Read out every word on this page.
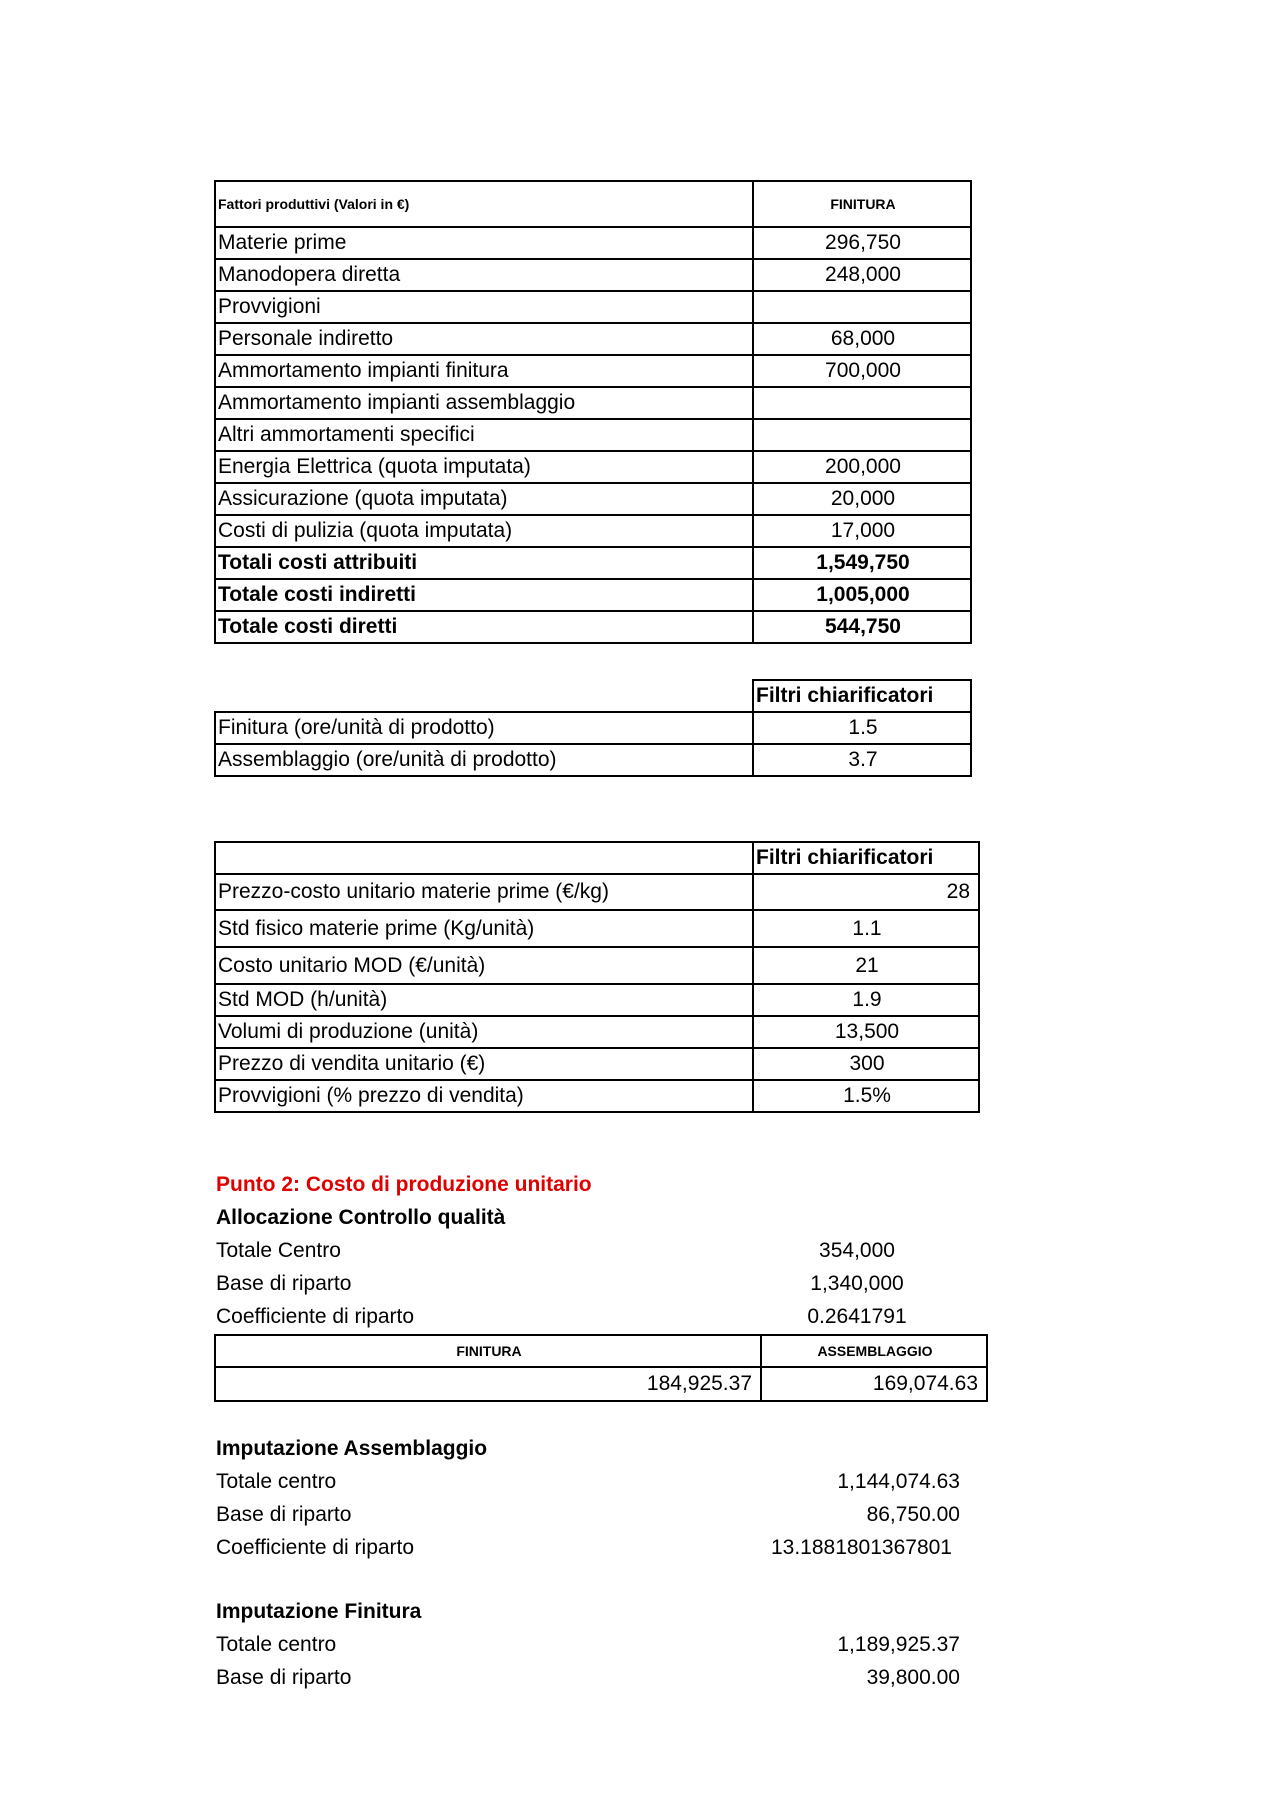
Fattori produttivi (Valori in €)	FINITURA
Materie prime	296,750
Manodopera diretta	248,000
Provvigioni	
Personale indiretto	68,000
Ammortamento impianti finitura	700,000
Ammortamento impianti assemblaggio	
Altri ammortamenti specifici	
Energia Elettrica (quota imputata)	200,000
Assicurazione (quota imputata)	20,000
Costi di pulizia (quota imputata)	17,000
Totali costi attribuiti	1,549,750
Totale costi indiretti	1,005,000
Totale costi diretti	544,750
	Filtri chiarificatori
Finitura (ore/unità di prodotto)	1.5
Assemblaggio (ore/unità di prodotto)	3.7
	Filtri chiarificatori
Prezzo-costo unitario materie prime (€/kg)	28
Std fisico materie prime (Kg/unità)	1.1
Costo unitario MOD (€/unità)	21
Std MOD (h/unità)	1.9
Volumi di produzione (unità)	13,500
Prezzo di vendita unitario (€)	300
Provvigioni (% prezzo di vendita)	1.5%
Punto 2: Costo di produzione unitario
Allocazione Controllo qualità
Totale Centro	354,000
Base di riparto	1,340,000
Coefficiente di riparto	0.2641791
FINITURA	ASSEMBLAGGIO
184,925.37	169,074.63
Imputazione Assemblaggio
Totale centro	1,144,074.63
Base di riparto	86,750.00
Coefficiente di riparto	13.1881801367801
Imputazione Finitura
Totale centro	1,189,925.37
Base di riparto	39,800.00
